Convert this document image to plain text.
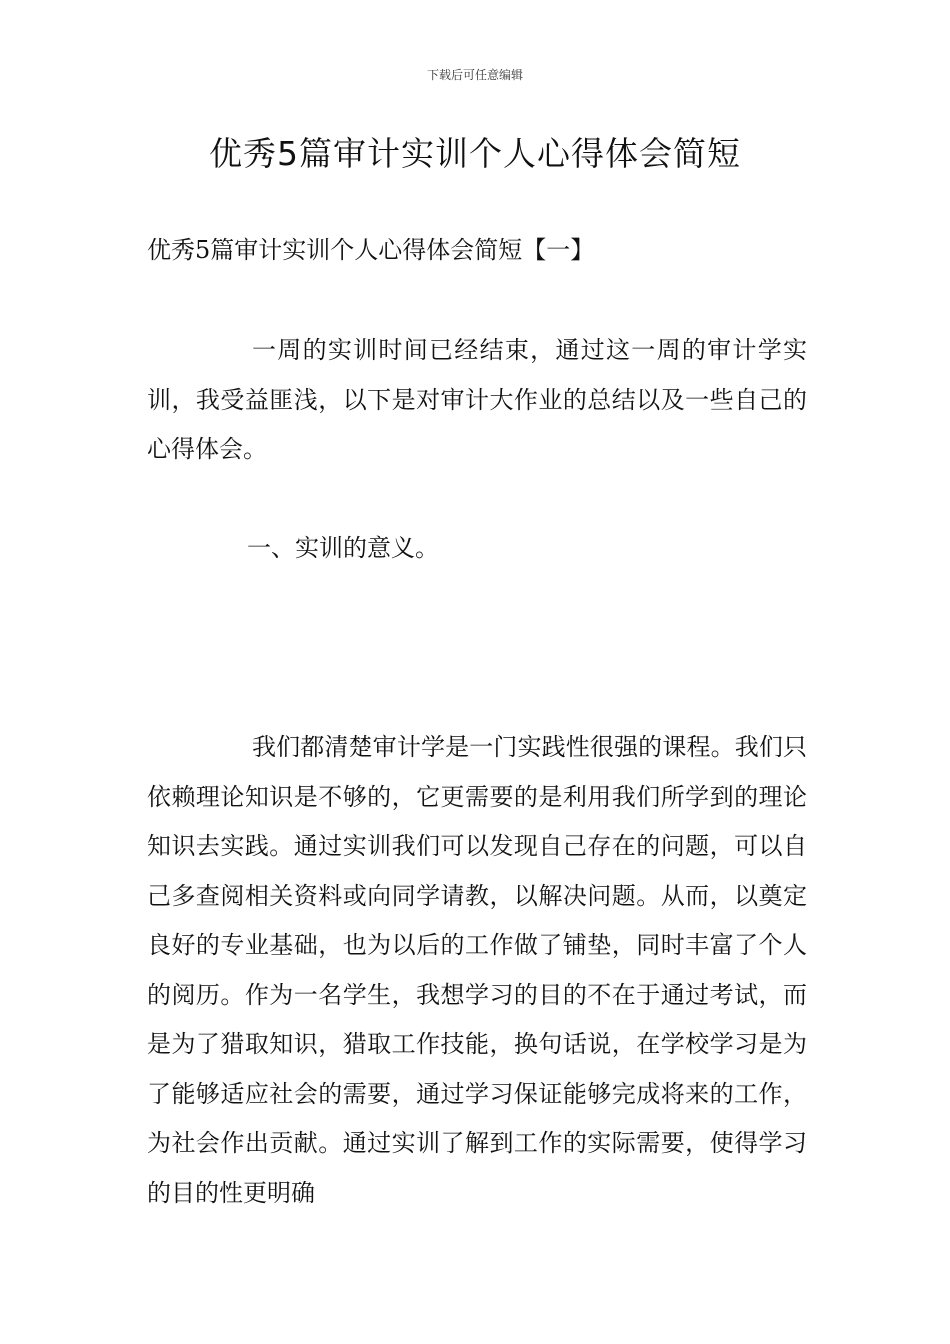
下载后可任意编辑
优秀5篇审计实训个人心得体会简短
优秀5篇审计实训个人心得体会简短【一】

一周的实训时间已经结束，通过这一周的审计学实训，我受益匪浅，以下是对审计大作业的总结以及一些自己的心得体会。

一、实训的意义。

我们都清楚审计学是一门实践性很强的课程。我们只依赖理论知识是不够的，它更需要的是利用我们所学到的理论知识去实践。通过实训我们可以发现自己存在的问题，可以自己多查阅相关资料或向同学请教，以解决问题。从而，以奠定良好的专业基础，也为以后的工作做了铺垫，同时丰富了个人的阅历。作为一名学生，我想学习的目的不在于通过考试，而是为了猎取知识，猎取工作技能，换句话说，在学校学习是为了能够适应社会的需要，通过学习保证能够完成将来的工作，为社会作出贡献。通过实训了解到工作的实际需要，使得学习的目的性更明确
